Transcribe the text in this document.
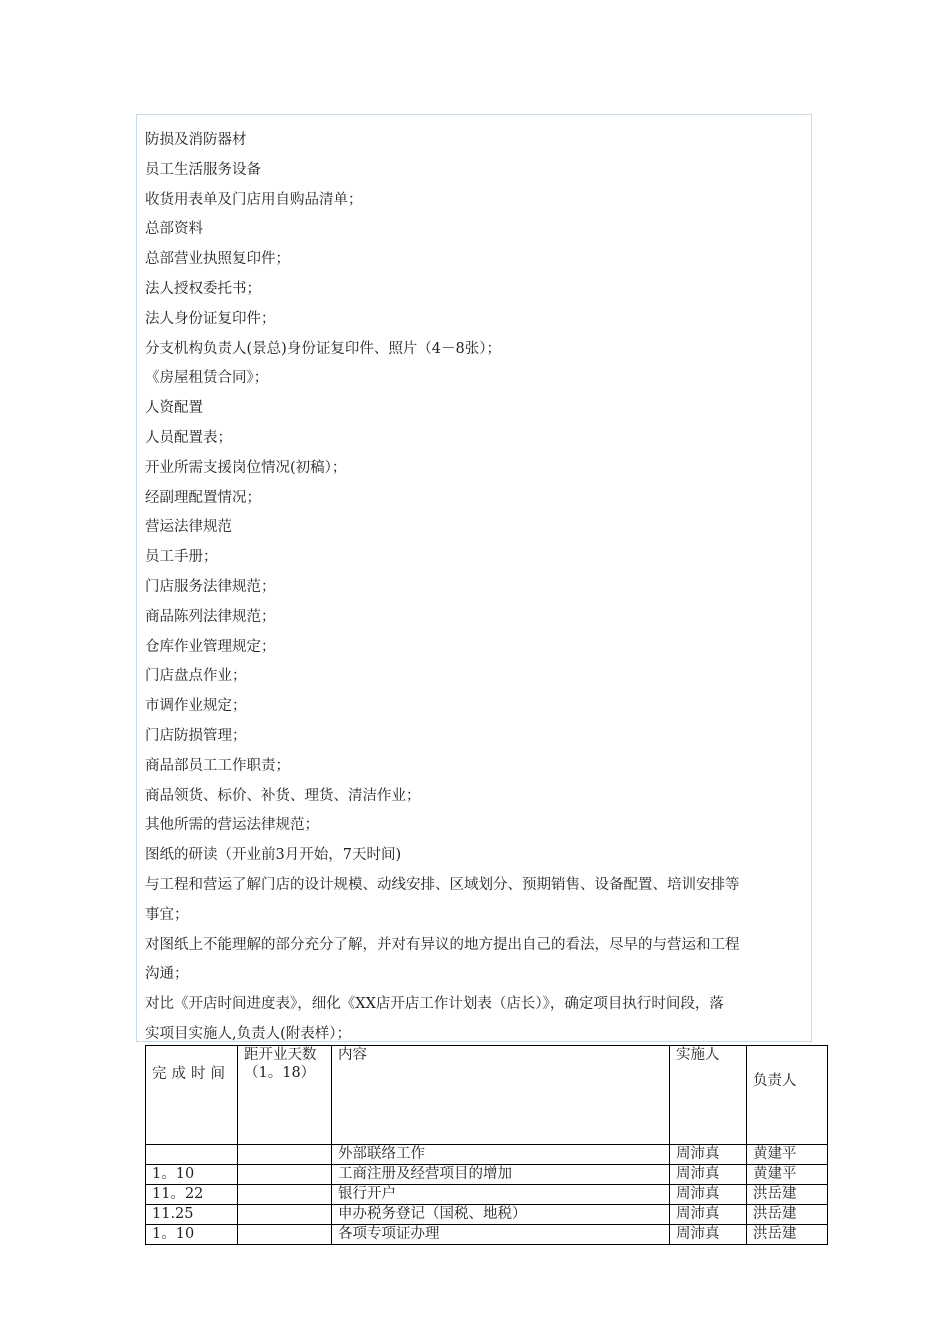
防损及消防器材
员工生活服务设备
收货用表单及门店用自购品清单；
总部资料
总部营业执照复印件；
法人授权委托书；
法人身份证复印件；
分支机构负责人(景总)身份证复印件、照片（4－8张）；
《房屋租赁合同》；
人资配置
人员配置表；
开业所需支援岗位情况(初稿）；
经副理配置情况；
营运法律规范
员工手册；
门店服务法律规范；
商品陈列法律规范；
仓库作业管理规定；
门店盘点作业；
市调作业规定；
门店防损管理；
商品部员工工作职责；
商品领货、标价、补货、理货、清洁作业；
其他所需的营运法律规范；
图纸的研读（开业前3月开始，7天时间)
与工程和营运了解门店的设计规模、动线安排、区域划分、预期销售、设备配置、培训安排等
事宜；
对图纸上不能理解的部分充分了解，并对有异议的地方提出自己的看法，尽早的与营运和工程
沟通；
对比《开店时间进度表》，细化《XX店开店工作计划表（店长）》，确定项目执行时间段，落
实项目实施人,负责人(附表样）；
完成时间	距开业天数（1。18）	内容	实施人	负责人
		外部联络工作	周沛真	黄建平
1。10		工商注册及经营项目的增加	周沛真	黄建平
11。22		银行开户	周沛真	洪岳建
11.25		申办税务登记（国税、地税）	周沛真	洪岳建
1。10		各项专项证办理	周沛真	洪岳建
